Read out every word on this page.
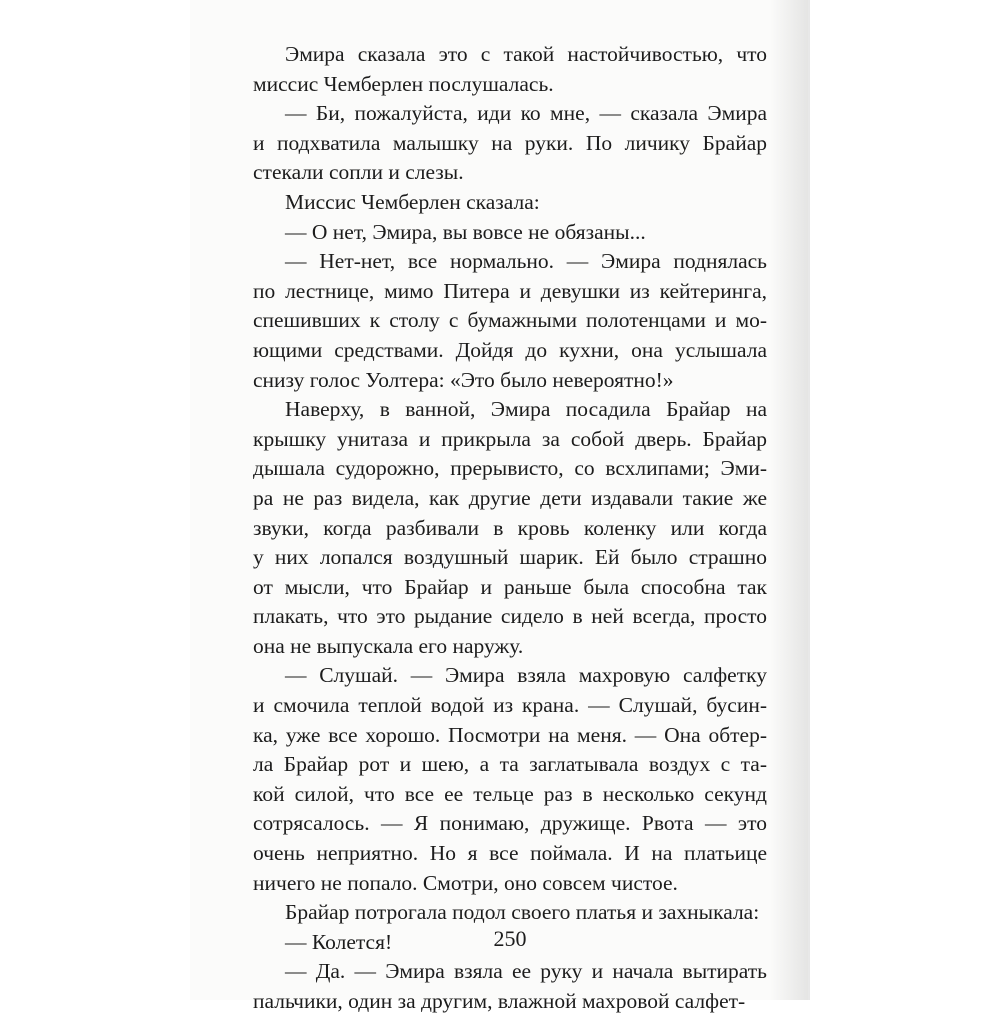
Эмира сказала это с такой настойчивостью, что
миссис Чемберлен послушалась.
— Би, пожалуйста, иди ко мне, — сказала Эмира
и подхватила малышку на руки. По личику Брайар
стекали сопли и слезы.
Миссис Чемберлен сказала:
— О нет, Эмира, вы вовсе не обязаны...
— Нет-нет, все нормально. — Эмира поднялась
по лестнице, мимо Питера и девушки из кейтеринга,
спешивших к столу с бумажными полотенцами и мо-
ющими средствами. Дойдя до кухни, она услышала
снизу голос Уолтера: «Это было невероятно!»
Наверху, в ванной, Эмира посадила Брайар на
крышку унитаза и прикрыла за собой дверь. Брайар
дышала судорожно, прерывисто, со всхлипами; Эми-
ра не раз видела, как другие дети издавали такие же
звуки, когда разбивали в кровь коленку или когда
у них лопался воздушный шарик. Ей было страшно
от мысли, что Брайар и раньше была способна так
плакать, что это рыдание сидело в ней всегда, просто
она не выпускала его наружу.
— Слушай. — Эмира взяла махровую салфетку
и смочила теплой водой из крана. — Слушай, бусин-
ка, уже все хорошо. Посмотри на меня. — Она обтер-
ла Брайар рот и шею, а та заглатывала воздух с та-
кой силой, что все ее тельце раз в несколько секунд
сотрясалось. — Я понимаю, дружище. Рвота — это
очень неприятно. Но я все поймала. И на платьице
ничего не попало. Смотри, оно совсем чистое.
Брайар потрогала подол своего платья и захныкала:
— Колется!
— Да. — Эмира взяла ее руку и начала вытирать
пальчики, один за другим, влажной махровой салфет-
250
